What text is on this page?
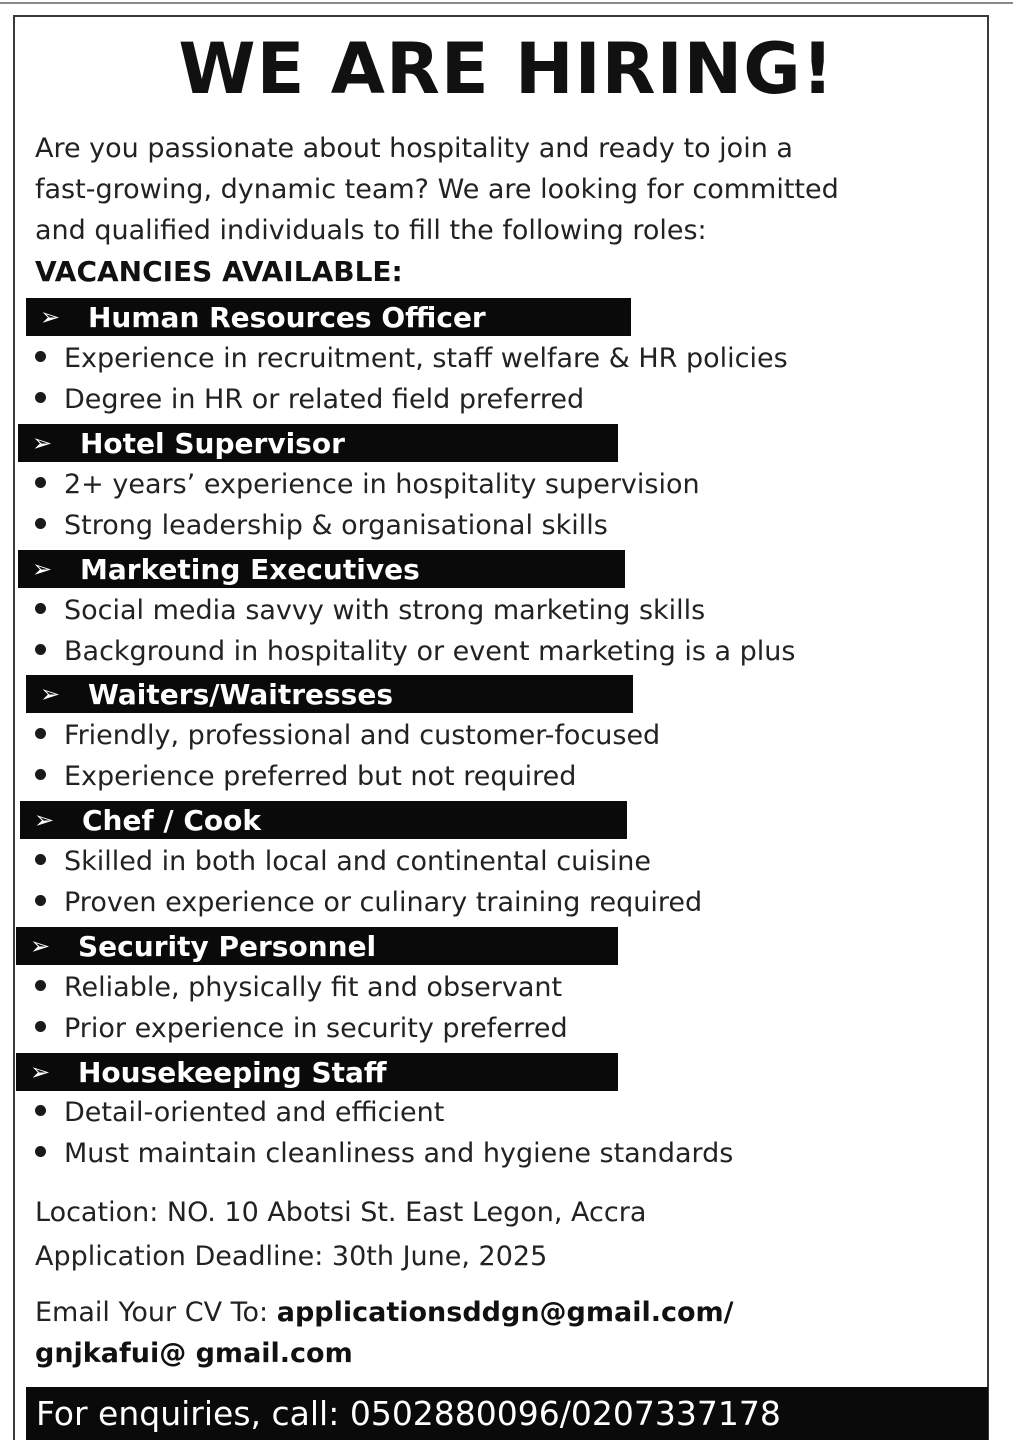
WE ARE HIRING!
Are you passionate about hospitality and ready to join a
fast-growing, dynamic team? We are looking for committed
and qualified individuals to fill the following roles:
VACANCIES AVAILABLE:
➢ Human Resources Officer
Experience in recruitment, staff welfare & HR policies
Degree in HR or related field preferred
➢ Hotel Supervisor
2+ years’ experience in hospitality supervision
Strong leadership & organisational skills
➢ Marketing Executives
Social media savvy with strong marketing skills
Background in hospitality or event marketing is a plus
➢ Waiters/Waitresses
Friendly, professional and customer-focused
Experience preferred but not required
➢ Chef / Cook
Skilled in both local and continental cuisine
Proven experience or culinary training required
➢ Security Personnel
Reliable, physically fit and observant
Prior experience in security preferred
➢ Housekeeping Staff
Detail-oriented and efficient
Must maintain cleanliness and hygiene standards
Location: NO. 10 Abotsi St. East Legon, Accra
Application Deadline: 30th June, 2025
Email Your CV To: applicationsddgn@gmail.com/
gnjkafui@ gmail.com
For enquiries, call: 0502880096/0207337178
